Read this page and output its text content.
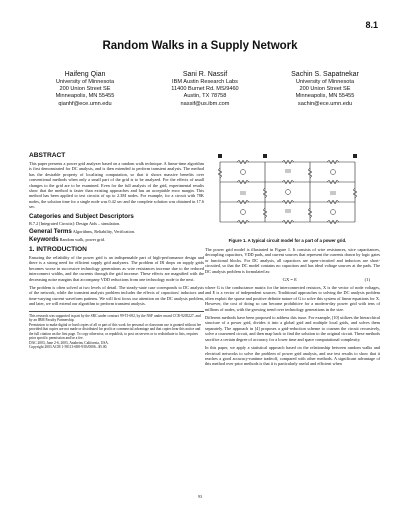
8.1
Random Walks in a Supply Network
Haifeng Qian
University of Minnesota
200 Union Street SE
Minneapolis, MN 55455
qianhf@ece.umn.edu
Sani R. Nassif
IBM Austin Research Labs
11400 Burnet Rd. MS/9460
Austin, TX 78758
nassif@us.ibm.com
Sachin S. Sapatnekar
University of Minnesota
200 Union Street SE
Minneapolis, MN 55455
sachin@ece.umn.edu
ABSTRACT

This paper presents a power grid analyzer based on a random walk technique. A linear-time algorithm is first demonstrated for DC analysis, and is then extended to perform transient analysis. The method has the desirable property of localizing computation, so that it shows massive benefits over conventional methods when only a small part of the grid is to be analyzed. For the effects of small changes to the grid are to be examined. Even for the full analysis of the grid, experimental results show that the method is faster than existing approaches and has an acceptable error margin. This method has been applied to test circuits of up to 2.3M nodes. For example, for a circuit with 78K nodes, the solution time for a single node was 0.42 sec and the complete solution was obtained in 17.6 sec.

Categories and Subject Descriptors

B.7.2 [Integrated Circuits]: Design Aids – simulation.

General Terms Algorithms, Reliability, Verification.

Keywords Random walk, power grid.

1. INTRODUCTION

Ensuring the reliability of the power grid is an indispensable part of high-performance design and there is a strong need for efficient supply grid analyzers. The problem of IR drops on supply grids becomes worse in successive technology generations as wire resistances increase due to the reduced interconnect widths, and the currents through the grid increase. These effects are magnified with the decreasing noise margins that accompany VDD reductions from one technology node to the next.

The problem is often solved at two levels of detail. The steady-state case corresponds to DC analysis of the network, while the transient analysis problem includes the effects of capacitors/ inductors and time-varying current waveform patterns. We will first focus our attention on the DC analysis problem, and later, we will extend our algorithm to perform transient analysis.

This research was supported in part by the SRC under contract 99-TJ-692, by the NSF under award CCR-9205227, and by an IBM Faculty Partnership.
Permission to make digital or hard copies of all or part of this work for personal or classroom use is granted without fee provided that copies are not made or distributed for profit or commercial advantage and that copies bear this notice and the full citation on the first page. To copy otherwise, or republish, to post on servers or to redistribute to lists, requires prior specific permission and/or a fee.
DAC 2003, June 2-6, 2003, Anaheim, California, USA.
Copyright 2003 ACM 1-58113-688-9/03/0006...$5.00.
Figure 1. A typical circuit model for a part of a power grid.

The power grid model is illustrated in Figure 1. It consists of wire resistances, wire capacitances, decoupling capacitors, VDD pads, and current sources that represent the currents drawn by logic gates or functional blocks. For DC analysis, all capacitors are open-circuited and inductors are short-circuited, so that the DC model contains no capacitors and has ideal voltage sources at the pads. The DC analysis problem is formulated as:

GX = E	(1)

where G is the conductance matrix for the interconnected resistors, X is the vector of node voltages, and E is a vector of independent sources. Traditional approaches to solving the DC analysis problem often exploit the sparse and positive definite nature of G to solve this system of linear equations for X. However, the cost of doing so can become prohibitive for a modern-day power grid with tens of millions of nodes, with the growing trend over technology generations in the size.

Different methods have been proposed to address this issue. For example, [10] utilizes the hierarchical structure of a power grid, divides it into a global grid and multiple local grids, and solves them separately. The approach in [4] proposes a grid-reduction scheme to coarsen the circuit recursively, solve a coarsened circuit, and then map back to find the solution to the original circuit. These methods sacrifice a certain degree of accuracy for a lower time and space computational complexity.

In this paper, we apply a statistical approach based on the relationship between random walks and electrical networks to solve the problem of power grid analysis, and use test results to show that it reaches a good accuracy-runtime tradeoff, compared with other methods. A significant advantage of this method over prior methods is that it is particularly useful and efficient when

93
